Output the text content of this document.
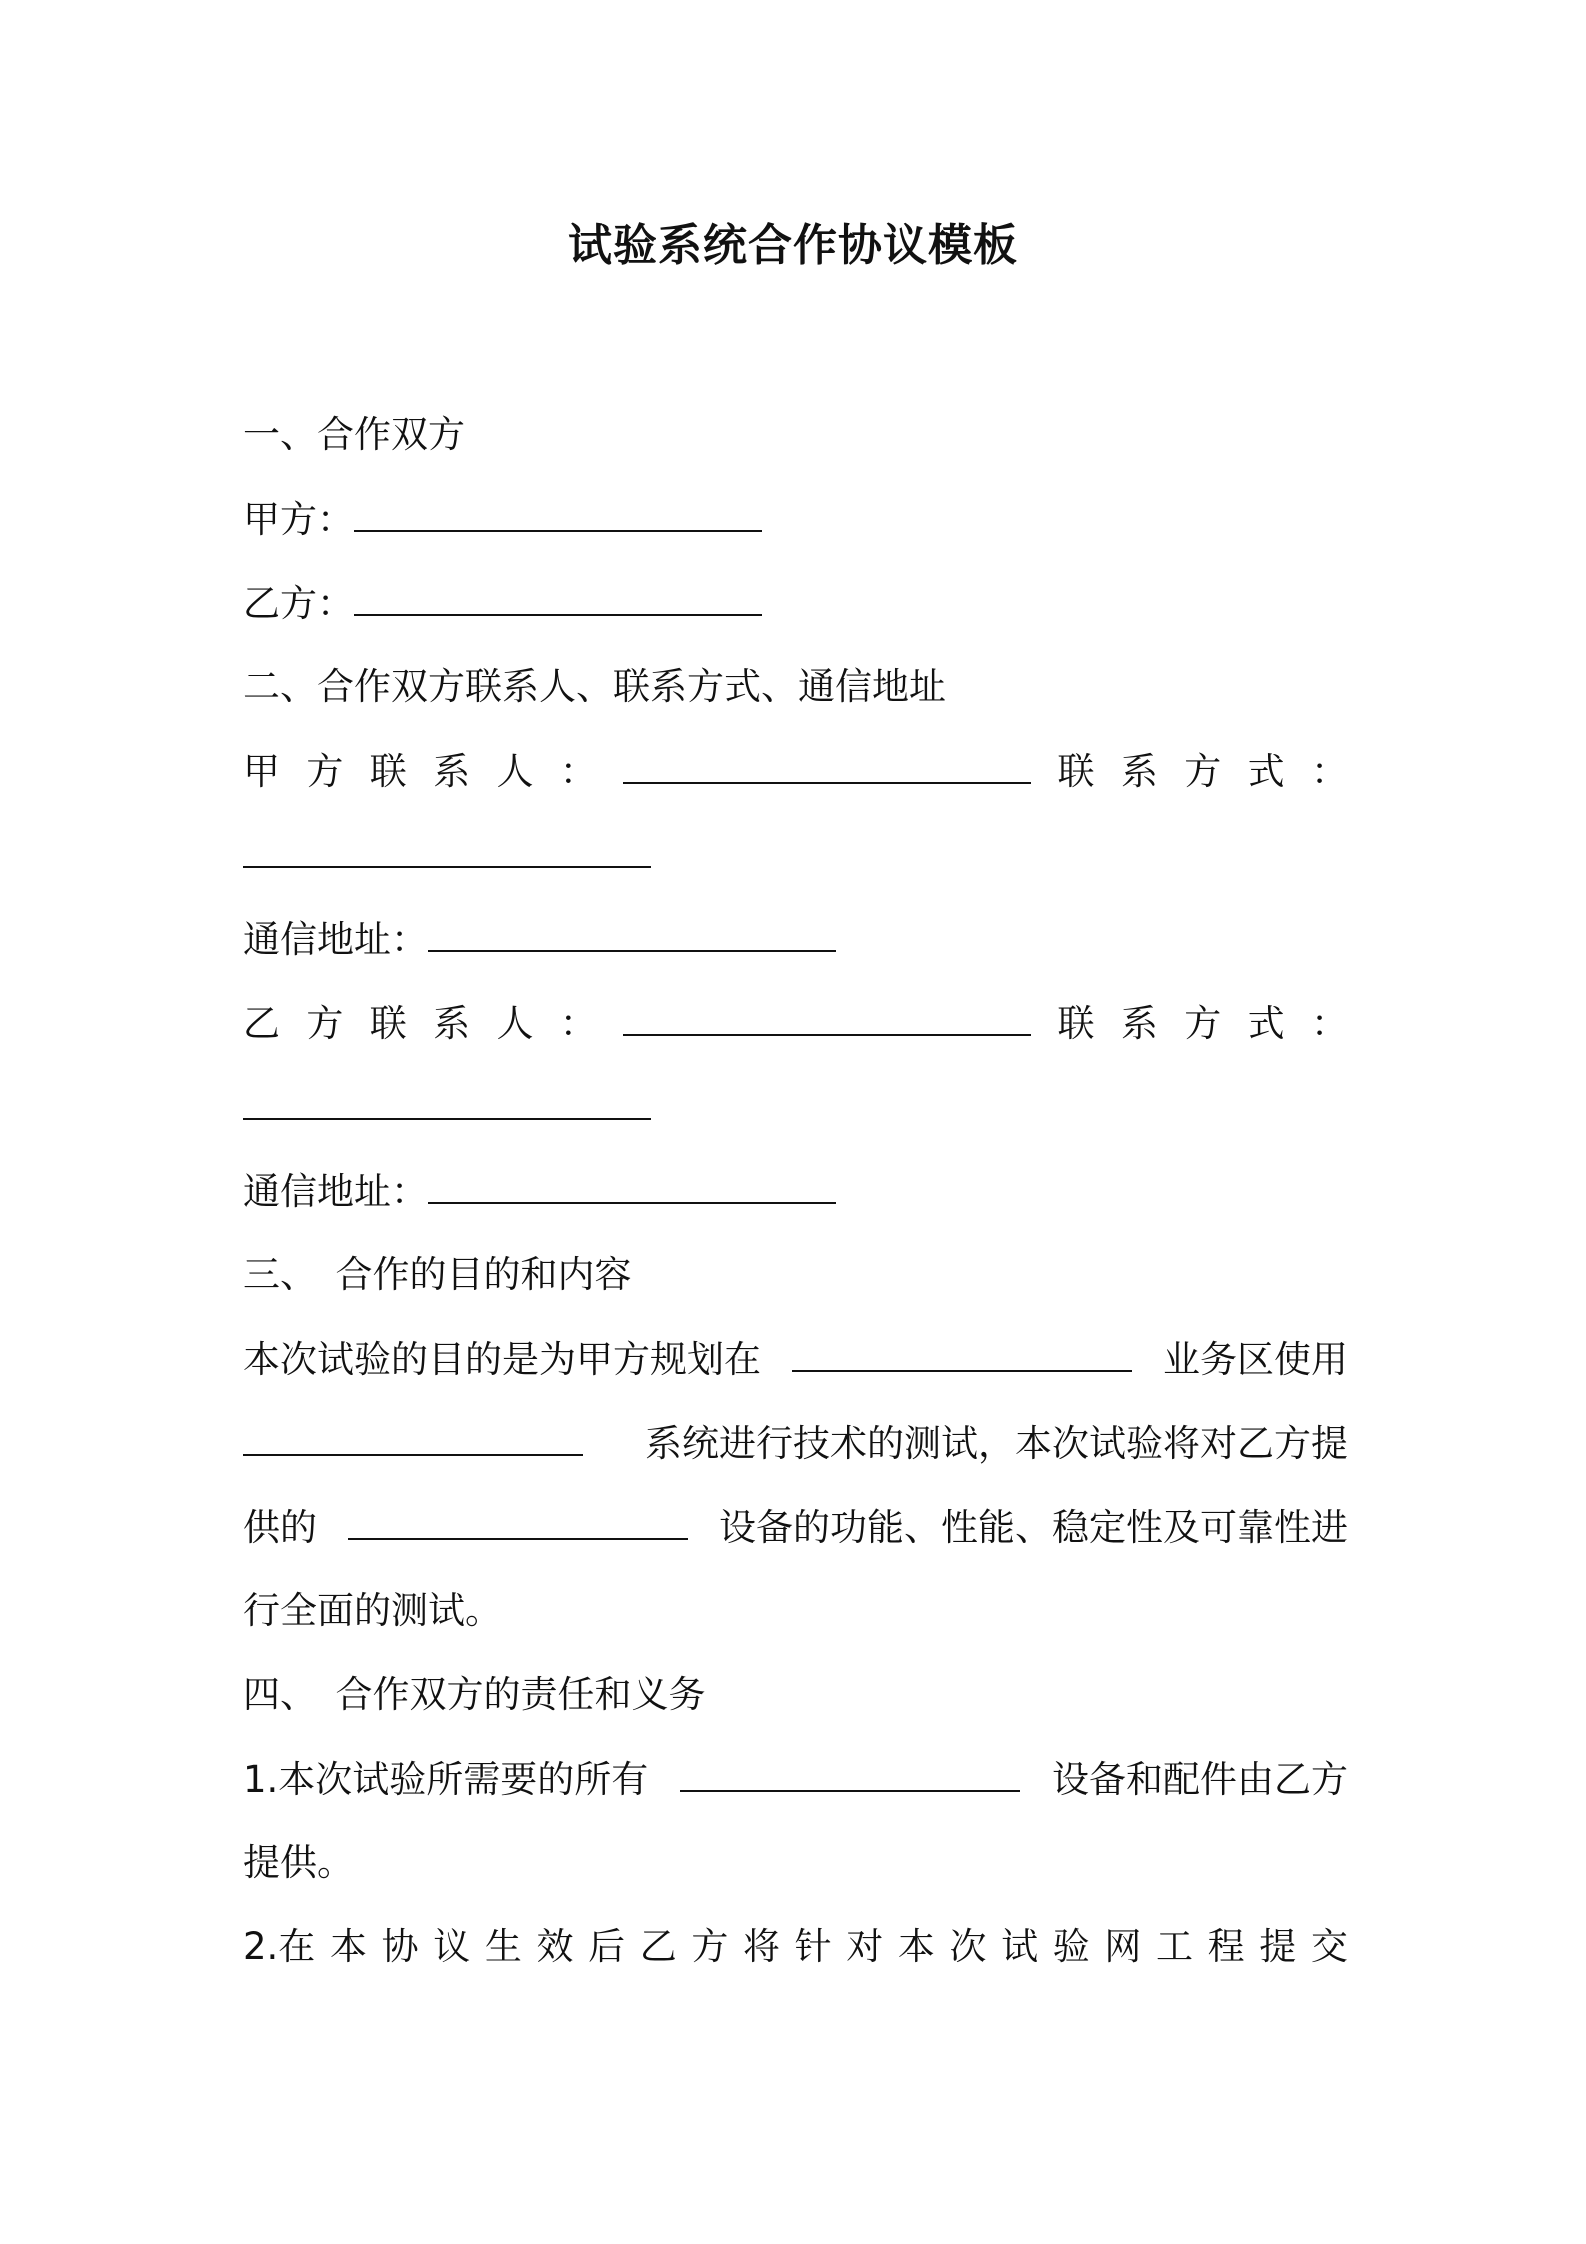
试验系统合作协议模板
一、合作双方
甲方：
乙方：
二、合作双方联系人、联系方式、通信地址
甲 方 联 系 人 ：	联 系 方 式 ：
通信地址：
乙 方 联 系 人 ：	联 系 方 式 ：
通信地址：
三、　合作的目的和内容
本次试验的目的是为甲方规划在	业务区使用
系统进行技术的测试，本次试验将对乙方提
供的	设备的功能、性能、稳定性及可靠性进
行全面的测试。
四、　合作双方的责任和义务
1.本次试验所需要的所有	设备和配件由乙方
提供。
2.在 本 协 议 生 效 后 乙 方 将 针 对 本 次 试 验 网 工 程 提 交
